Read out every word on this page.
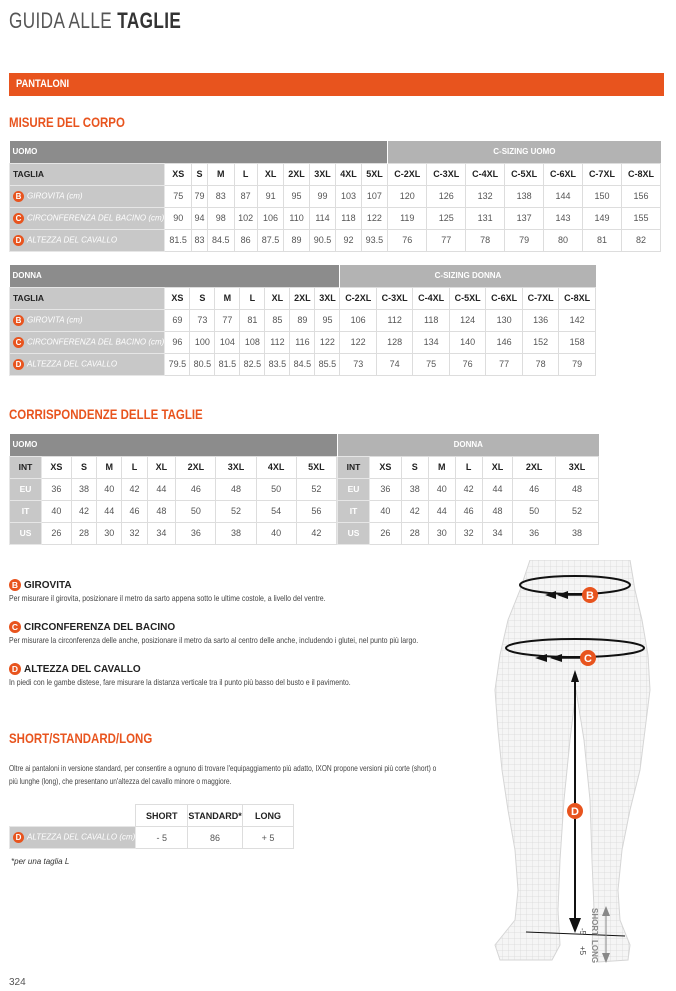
GUIDA ALLE TAGLIE
PANTALONI
MISURE DEL CORPO
UOMO										C-SIZING UOMO						
TAGLIA	XS	S	M	L	XL	2XL	3XL	4XL	5XL	C-2XL	C-3XL	C-4XL	C-5XL	C-6XL	C-7XL	C-8XL
B GIROVITA (cm)	75	79	83	87	91	95	99	103	107	120	126	132	138	144	150	156
C CIRCONFERENZA DEL BACINO (cm)	90	94	98	102	106	110	114	118	122	119	125	131	137	143	149	155
D ALTEZZA DEL CAVALLO	81.5	83	84.5	86	87.5	89	90.5	92	93.5	76	77	78	79	80	81	82
DONNA								C-SIZING DONNA						
TAGLIA	XS	S	M	L	XL	2XL	3XL	C-2XL	C-3XL	C-4XL	C-5XL	C-6XL	C-7XL	C-8XL
B GIROVITA (cm)	69	73	77	81	85	89	95	106	112	118	124	130	136	142
C CIRCONFERENZA DEL BACINO (cm)	96	100	104	108	112	116	122	122	128	134	140	146	152	158
D ALTEZZA DEL CAVALLO	79.5	80.5	81.5	82.5	83.5	84.5	85.5	73	74	75	76	77	78	79
CORRISPONDENZE DELLE TAGLIE
UOMO									
INT	XS	S	M	L	XL	2XL	3XL	4XL	5XL
EU	36	38	40	42	44	46	48	50	52
IT	40	42	44	46	48	50	52	54	56
US	26	28	30	32	34	36	38	40	42
DONNA							
INT	XS	S	M	L	XL	2XL	3XL
EU	36	38	40	42	44	46	48
IT	40	42	44	46	48	50	52
US	26	28	30	32	34	36	38
B GIROVITA

Per misurare il girovita, posizionare il metro da sarto appena sotto le ultime costole, a livello del ventre.

C CIRCONFERENZA DEL BACINO

Per misurare la circonferenza delle anche, posizionare il metro da sarto al centro delle anche, includendo i glutei, nel punto più largo.

D ALTEZZA DEL CAVALLO

In piedi con le gambe distese, fare misurare la distanza verticale tra il punto più basso del busto e il pavimento.

SHORT/STANDARD/LONG
Oltre ai pantaloni in versione standard, per consentire a ognuno di trovare l'equipaggiamento più adatto, IXON propone versioni più corte (short) o più lunghe (long), che presentano un'altezza del cavallo minore o maggiore.
	SHORT	STANDARD*	LONG
D ALTEZZA DEL CAVALLO (cm)	- 5	86	+ 5
*per una taglia L
324
B
C
D
SHORT
LONG
-5
+5
